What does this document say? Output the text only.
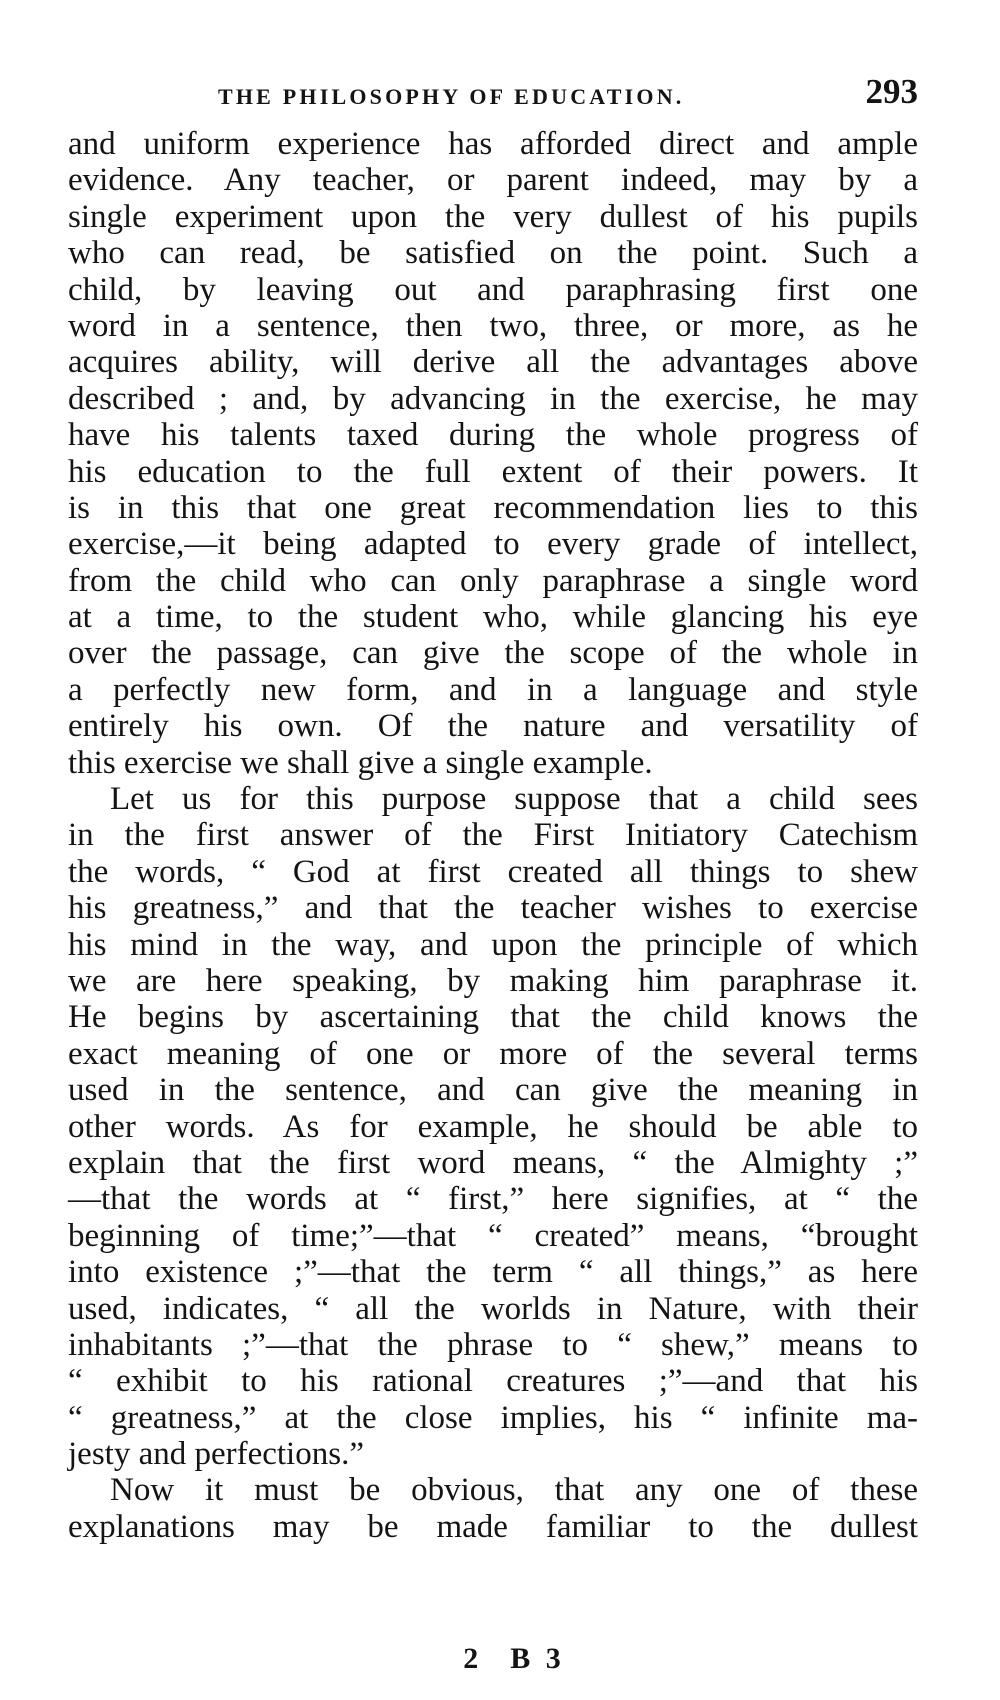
THE PHILOSOPHY OF EDUCATION.	293
and uniform experience has afforded direct and ample
evidence. Any teacher, or parent indeed, may by a
single experiment upon the very dullest of his pupils
who can read, be satisfied on the point. Such a
child, by leaving out and paraphrasing first one
word in a sentence, then two, three, or more, as he
acquires ability, will derive all the advantages above
described ; and, by advancing in the exercise, he may
have his talents taxed during the whole progress of
his education to the full extent of their powers. It
is in this that one great recommendation lies to this
exercise,—it being adapted to every grade of intellect,
from the child who can only paraphrase a single word
at a time, to the student who, while glancing his eye
over the passage, can give the scope of the whole in
a perfectly new form, and in a language and style
entirely his own. Of the nature and versatility of
this exercise we shall give a single example.
Let us for this purpose suppose that a child sees
in the first answer of the First Initiatory Catechism
the words, “ God at first created all things to shew
his greatness,” and that the teacher wishes to exercise
his mind in the way, and upon the principle of which
we are here speaking, by making him paraphrase it.
He begins by ascertaining that the child knows the
exact meaning of one or more of the several terms
used in the sentence, and can give the meaning in
other words. As for example, he should be able to
explain that the first word means, “ the Almighty ;”
—that the words at “ first,” here signifies, at “ the
beginning of time;”—that “ created” means, “brought
into existence ;”—that the term “ all things,” as here
used, indicates, “ all the worlds in Nature, with their
inhabitants ;”—that the phrase to “ shew,” means to
“ exhibit to his rational creatures ;”—and that his
“ greatness,” at the close implies, his “ infinite ma-
jesty and perfections.”
Now it must be obvious, that any one of these
explanations may be made familiar to the dullest
2 B 3
